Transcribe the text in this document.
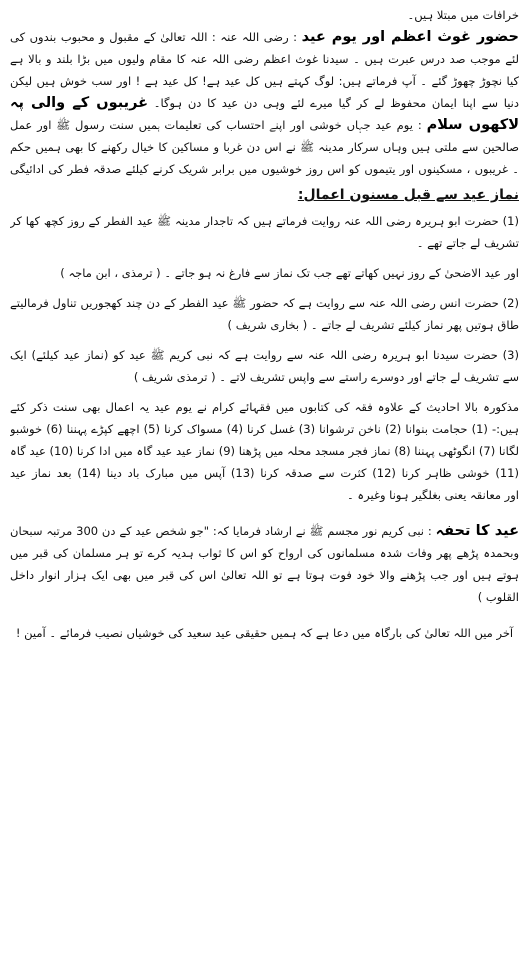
خرافات میں مبتلا ہیں۔
حضور غوث اعظم اور یوم عید : رضی اللہ عنہ : اللہ تعالیٰ کے مقبول و محبوب بندوں کی
لئے موجب صد درس عبرت ہیں ۔ سیدنا غوث اعظم رضی اللہ عنہ کا مقام ولیوں میں بڑا بلند و بالا ہے
کیا نچوڑ چھوڑ گئے ۔ آپ فرماتے ہیں: لوگ کہتے ہیں کل عید ہے! کل عید ہے ! اور سب خوش ہیں لیکن
دنیا سے اپنا ایمان محفوظ لے کر گیا میرے لئے وہی دن عید کا دن ہوگا۔ غریبوں کے والی پہ
لاکھوں سلام : یوم عید جہاں خوشی اور اپنے احتساب کی تعلیمات ہمیں سنت رسول ﷺ اور عمل
صالحین سے ملتی ہیں وہاں سرکار مدینہ ﷺ نے اس دن غربا و مساکین کا خیال رکھنے کا بھی ہمیں حکم
۔ غریبوں ، مسکینوں اور یتیموں کو اس روز خوشیوں میں برابر شریک کرنے کیلئے صدقہ فطر کی ادائیگی
نماز عید سے قبل مسنون اعمال:
(1) حضرت ابو ہریرہ رضی اللہ عنہ روایت فرماتے ہیں کہ تاجدار مدینہ ﷺ عید الفطر کے روز کچھ کھا کر
تشریف لے جاتے تھے ۔
اور عید الاضحیٰ کے روز نہیں کھاتے تھے جب تک نماز سے فارغ نہ ہو جاتے ۔ ( ترمذی ، ابن ماجہ )
(2) حضرت انس رضی اللہ عنہ سے روایت ہے کہ حضور ﷺ عید الفطر کے دن چند کھجوریں تناول فرمالیتے
طاق ہوتیں پھر نماز کیلئے تشریف لے جاتے ۔ ( بخاری شریف )
(3) حضرت سیدنا ابو ہریرہ رضی اللہ عنہ سے روایت ہے کہ نبی کریم ﷺ عید کو (نماز عید کیلئے) ایک
سے تشریف لے جاتے اور دوسرے راستے سے واپس تشریف لاتے ۔ ( ترمذی شریف )
مذکورہ بالا احادیث کے علاوہ فقہ کی کتابوں میں فقہائے کرام نے یوم عید یہ اعمال بھی سنت ذکر کئے
ہیں:- (1) حجامت بنوانا (2) ناخن ترشوانا (3) غسل کرنا (4) مسواک کرنا (5) اچھے کپڑے پہننا (6) خوشبو
لگانا (7) انگوٹھی پہننا (8) نماز فجر مسجد محلہ میں پڑھنا (9) نماز عید عید گاہ میں ادا کرنا (10) عید گاہ
(11) خوشی ظاہر کرنا (12) کثرت سے صدقہ کرنا (13) آپس میں مبارک باد دینا (14) بعد نماز عید
اور معانقہ یعنی بغلگیر ہونا وغیرہ ۔
عید کا تحفہ : نبی کریم نور مجسم ﷺ نے ارشاد فرمایا کہ: "جو شخص عید کے دن 300 مرتبہ سبحان
وبحمدہ پڑھے پھر وفات شدہ مسلمانوں کی ارواح کو اس کا ثواب ہدیہ کرے تو ہر مسلمان کی قبر میں
ہوتے ہیں اور جب پڑھنے والا خود فوت ہوتا ہے تو اللہ تعالیٰ اس کی قبر میں بھی ایک ہزار انوار داخل
القلوب )
آخر میں اللہ تعالیٰ کی بارگاہ میں دعا ہے کہ ہمیں حقیقی عید سعید کی خوشیاں نصیب فرمائے ۔ آمین !
